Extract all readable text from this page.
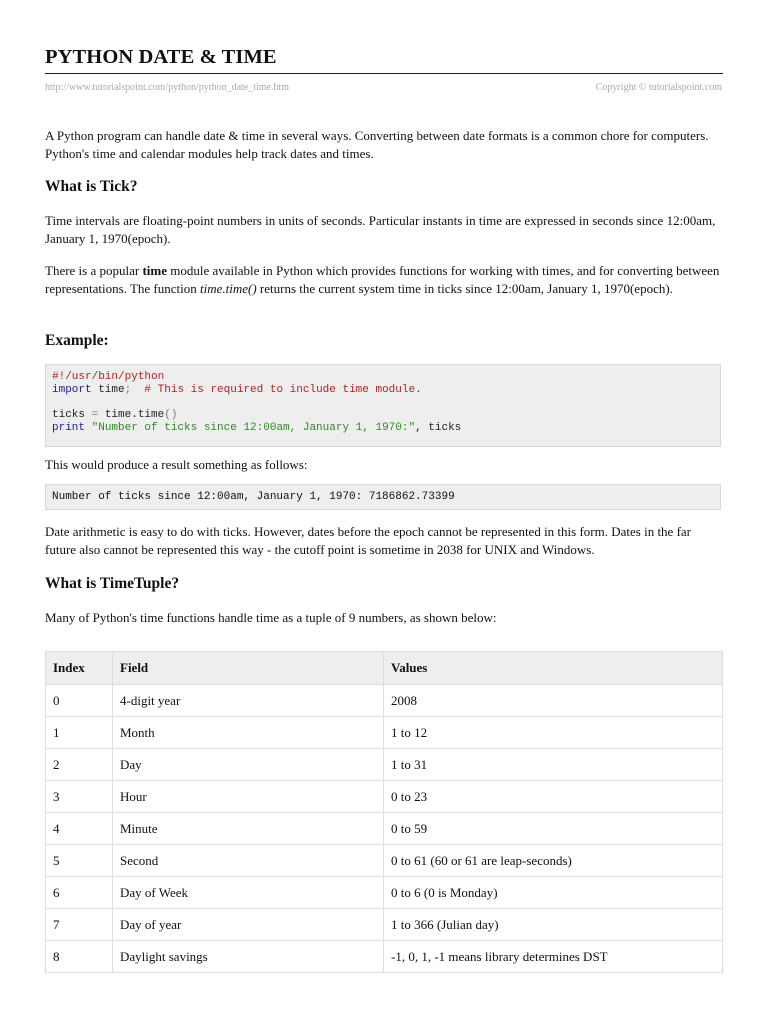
PYTHON DATE & TIME
http://www.tutorialspoint.com/python/python_date_time.htm	Copyright © tutorialspoint.com

A Python program can handle date & time in several ways. Converting between date formats is a common chore for computers. Python's time and calendar modules help track dates and times.

What is Tick?

Time intervals are floating-point numbers in units of seconds. Particular instants in time are expressed in seconds since 12:00am, January 1, 1970(epoch).

There is a popular time module available in Python which provides functions for working with times, and for converting between representations. The function time.time() returns the current system time in ticks since 12:00am, January 1, 1970(epoch).

Example:
#!/usr/bin/python
import time;  # This is required to include time module.

ticks = time.time()
print "Number of ticks since 12:00am, January 1, 1970:", ticks

This would produce a result something as follows:

Number of ticks since 12:00am, January 1, 1970: 7186862.73399

Date arithmetic is easy to do with ticks. However, dates before the epoch cannot be represented in this form. Dates in the far future also cannot be represented this way - the cutoff point is sometime in 2038 for UNIX and Windows.

What is TimeTuple?

Many of Python's time functions handle time as a tuple of 9 numbers, as shown below:

Index	Field	Values
0	4-digit year	2008
1	Month	1 to 12
2	Day	1 to 31
3	Hour	0 to 23
4	Minute	0 to 59
5	Second	0 to 61 (60 or 61 are leap-seconds)
6	Day of Week	0 to 6 (0 is Monday)
7	Day of year	1 to 366 (Julian day)
8	Daylight savings	-1, 0, 1, -1 means library determines DST
